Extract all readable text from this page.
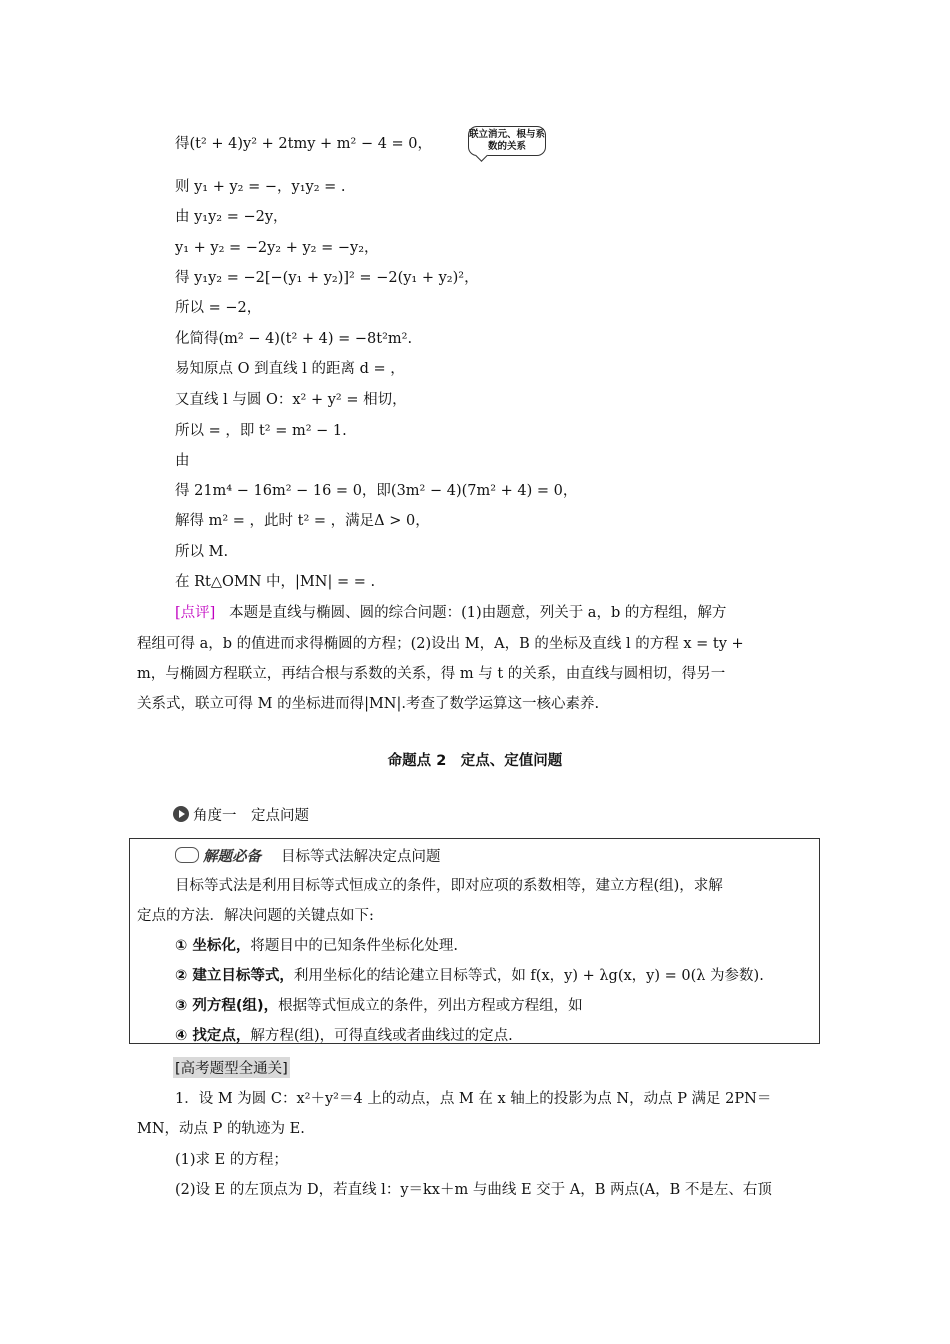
得(t² + 4)y² + 2tmy + m² − 4 = 0，
联立消元、根与系数的关系
则 y₁ + y₂ = −，y₁y₂ = .
由 y₁y₂ = −2y，
y₁ + y₂ = −2y₂ + y₂ = −y₂，
得 y₁y₂ = −2[−(y₁ + y₂)]² = −2(y₁ + y₂)²，
所以 = −2，
化简得(m² − 4)(t² + 4) = −8t²m².
易知原点 O 到直线 l 的距离 d = ，
又直线 l 与圆 O：x² + y² = 相切，
所以 = ，即 t² = m² − 1.
由
得 21m⁴ − 16m² − 16 = 0，即(3m² − 4)(7m² + 4) = 0，
解得 m² = ，此时 t² = ，满足Δ > 0，
所以 M.
在 Rt△OMN 中，|MN| = = .
[点评] 本题是直线与椭圆、圆的综合问题：(1)由题意，列关于 a，b 的方程组，解方
程组可得 a，b 的值进而求得椭圆的方程；(2)设出 M，A，B 的坐标及直线 l 的方程 x = ty +
m，与椭圆方程联立，再结合根与系数的关系，得 m 与 t 的关系，由直线与圆相切，得另一
关系式，联立可得 M 的坐标进而得|MN|.考查了数学运算这一核心素养.
命题点 2　定点、定值问题
角度一　定点问题
解题必备 目标等式法解决定点问题
目标等式法是利用目标等式恒成立的条件，即对应项的系数相等，建立方程(组)，求解
定点的方法．解决问题的关键点如下:
① 坐标化，将题目中的已知条件坐标化处理.
② 建立目标等式，利用坐标化的结论建立目标等式，如 f(x，y) + λg(x，y) = 0(λ 为参数).
③ 列方程(组)，根据等式恒成立的条件，列出方程或方程组，如
④ 找定点，解方程(组)，可得直线或者曲线过的定点.
[高考题型全通关]
1．设 M 为圆 C：x²＋y²＝4 上的动点，点 M 在 x 轴上的投影为点 N，动点 P 满足 2PN＝
MN，动点 P 的轨迹为 E.
(1)求 E 的方程；
(2)设 E 的左顶点为 D，若直线 l：y＝kx＋m 与曲线 E 交于 A，B 两点(A，B 不是左、右顶
